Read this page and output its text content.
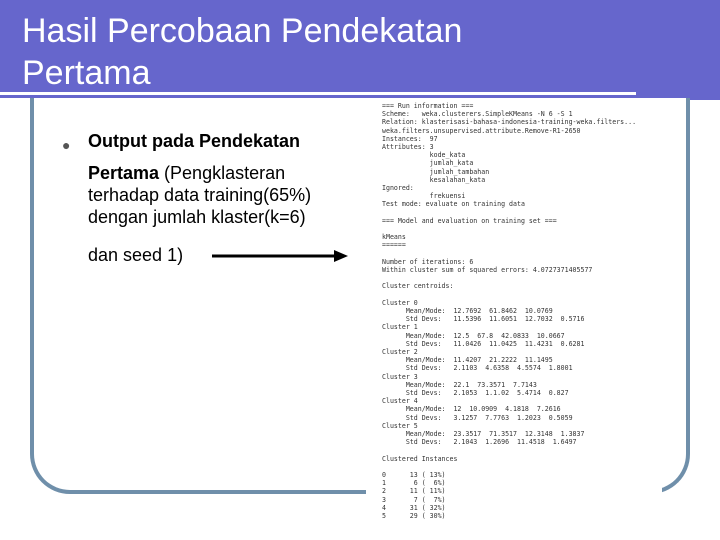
Hasil Percobaan Pendekatan
Pertama
● Output pada Pendekatan
Pertama (Pengklasteran
terhadap data training(65%)
dengan jumlah klaster(k=6)
dan seed 1)
=== Run information ===
Scheme:   weka.clusterers.SimpleKMeans -N 6 -S 1
Relation: klasterisasi-bahasa-indonesia-training-weka.filters...
weka.filters.unsupervised.attribute.Remove-R1-2650
Instances:  97
Attributes: 3
kode_kata
jumlah_kata
jumlah_tambahan
kesalahan_kata
Ignored:
frekuensi
Test mode: evaluate on training data
=== Model and evaluation on training set ===
kMeans
======
Number of iterations: 6
Within cluster sum of squared errors: 4.0727371405577
Cluster centroids:
Cluster 0
Mean/Mode:  12.7692  61.8462  10.0769
Std Devs:   11.5396  11.6051  12.7032  0.5716
Cluster 1
Mean/Mode:  12.5  67.8  42.0833  10.0667
Std Devs:   11.0426  11.0425  11.4231  0.6281
Cluster 2
Mean/Mode:  11.4207  21.2222  11.1495
Std Devs:   2.1103  4.6358  4.5574  1.8001
Cluster 3
Mean/Mode:  22.1  73.3571  7.7143
Std Devs:   2.1053  1.1.02  5.4714  0.827
Cluster 4
Mean/Mode:  12  10.0909  4.1818  7.2616
Std Devs:   3.1257  7.7763  1.2023  0.5059
Cluster 5
Mean/Mode:  23.3517  71.3517  12.3148  1.3837
Std Devs:   2.1043  1.2696  11.4518  1.6497
Clustered Instances
0      13 ( 13%)
1       6 (  6%)
2      11 ( 11%)
3       7 (  7%)
4      31 ( 32%)
5      29 ( 30%)
